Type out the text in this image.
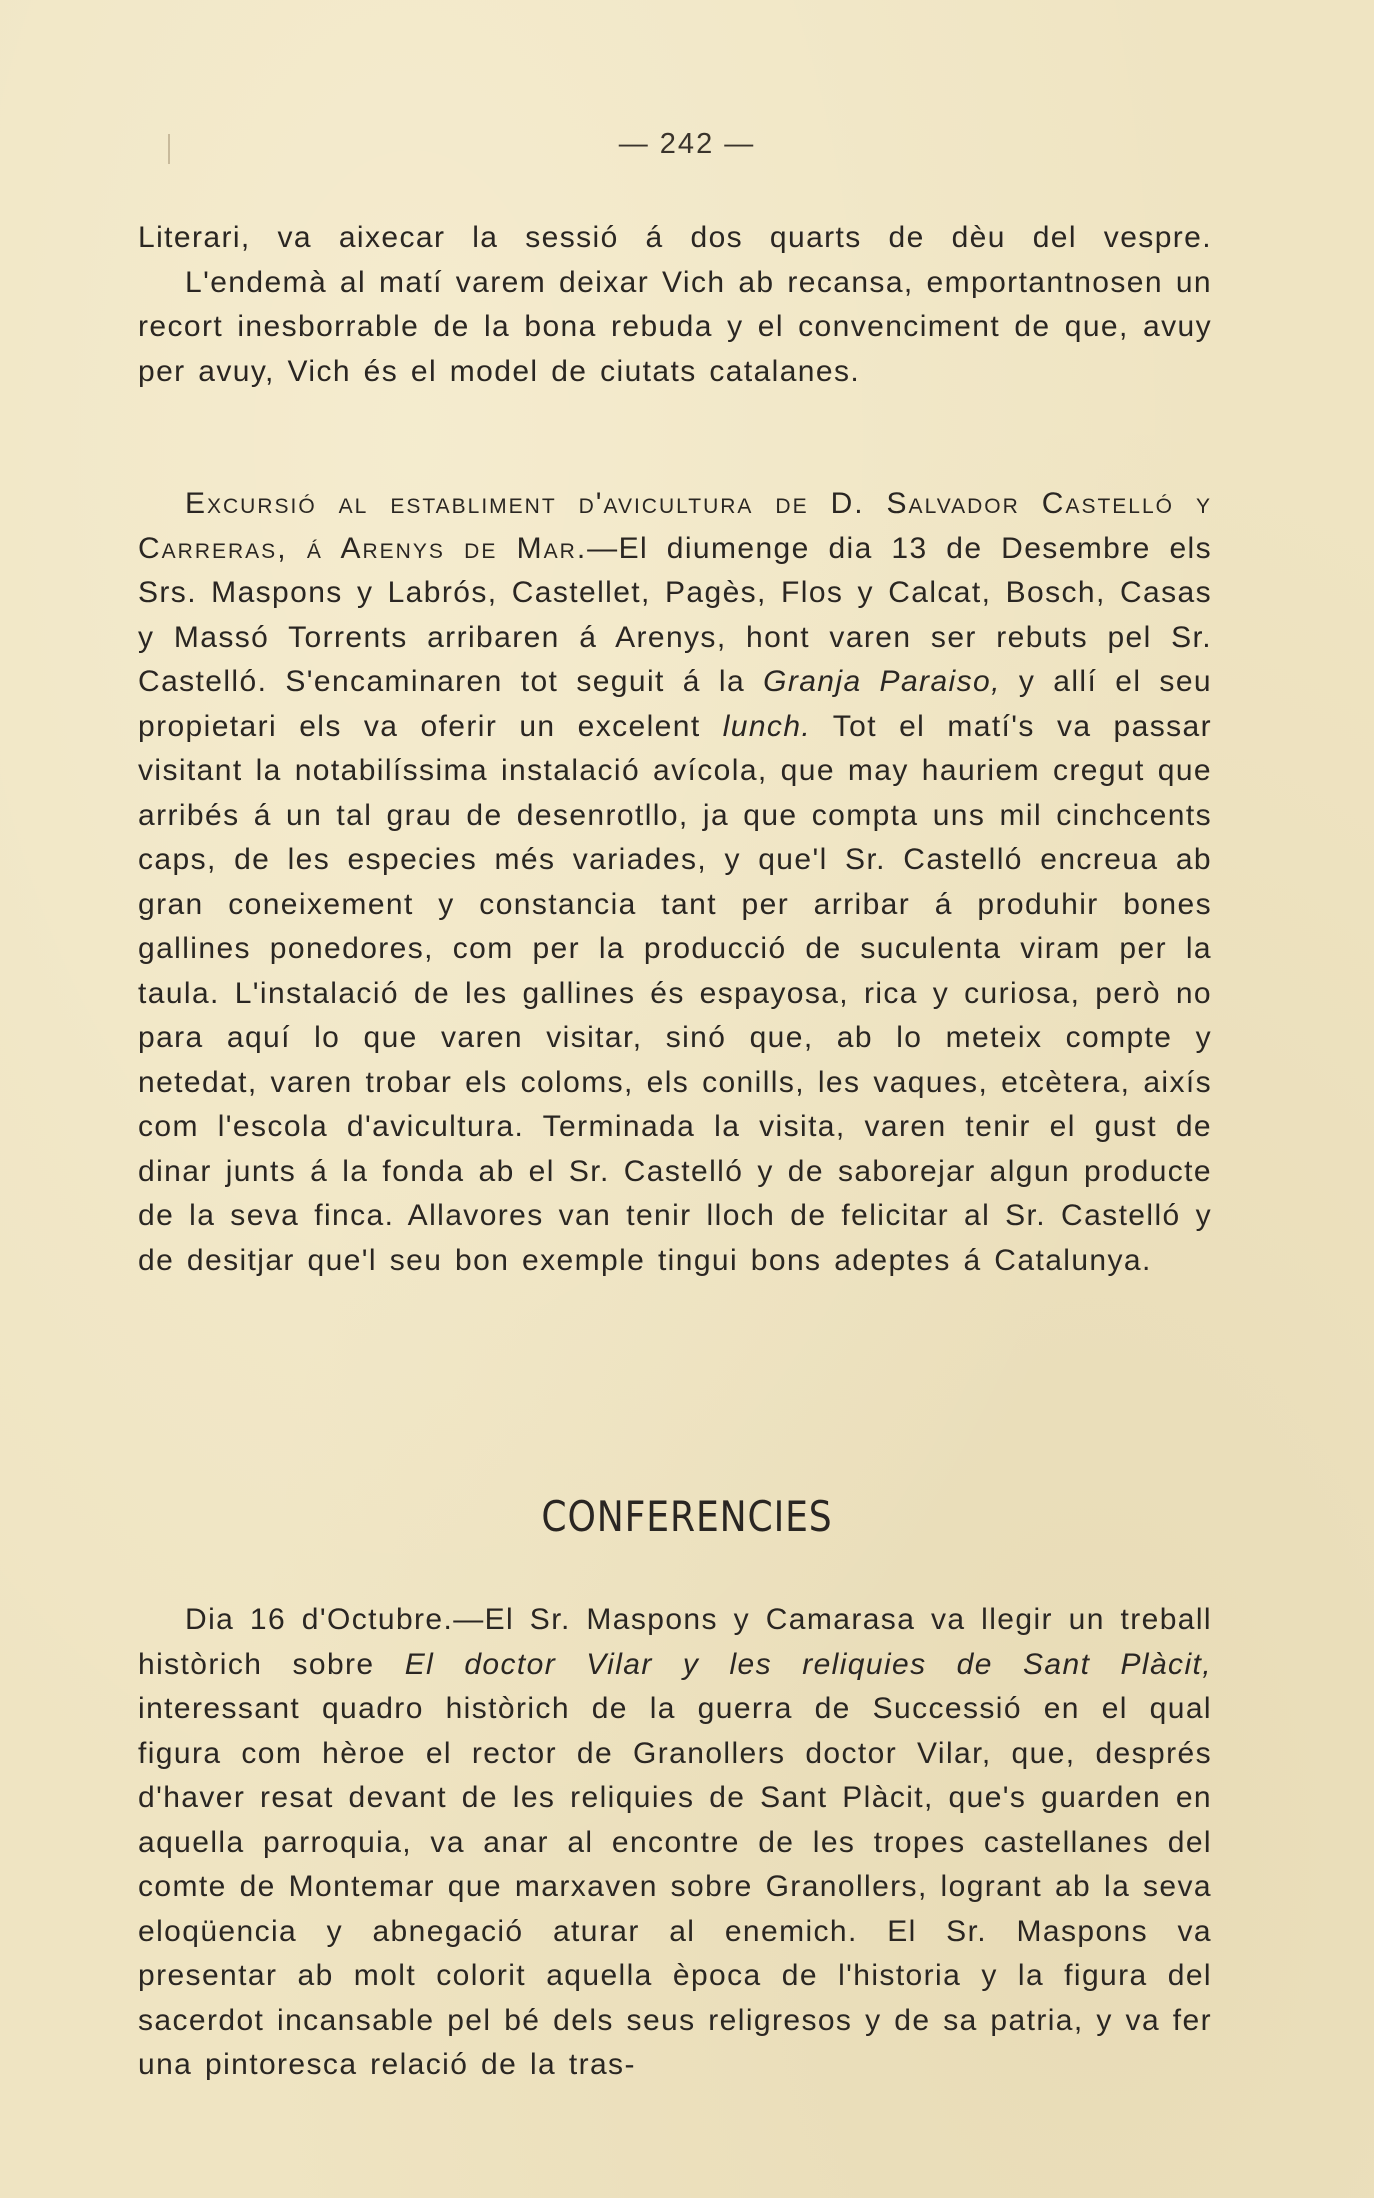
— 242 —

Literari, va aixecar la sessió á dos quarts de dèu del vespre.

L'endemà al matí varem deixar Vich ab recansa, emportantnosen un recort inesborrable de la bona rebuda y el convenciment de que, avuy per avuy, Vich és el model de ciutats catalanes.

Excursió al establiment d'avicultura de D. Salvador Castelló y Carreras, á Arenys de Mar.—El diumenge dia 13 de Desembre els Srs. Maspons y Labrós, Castellet, Pagès, Flos y Calcat, Bosch, Casas y Massó Torrents arribaren á Arenys, hont varen ser rebuts pel Sr. Castelló. S'encaminaren tot seguit á la Granja Paraiso, y allí el seu propietari els va oferir un excelent lunch. Tot el matí's va passar visitant la notabilíssima instalació avícola, que may hauriem cregut que arribés á un tal grau de desenrotllo, ja que compta uns mil cinchcents caps, de les especies més variades, y que'l Sr. Castelló encreua ab gran coneixement y constancia tant per arribar á produhir bones gallines ponedores, com per la producció de suculenta viram per la taula. L'instalació de les gallines és espayosa, rica y curiosa, però no para aquí lo que varen visitar, sinó que, ab lo meteix compte y netedat, varen trobar els coloms, els conills, les vaques, etcètera, aixís com l'escola d'avicultura. Terminada la visita, varen tenir el gust de dinar junts á la fonda ab el Sr. Castelló y de saborejar algun producte de la seva finca. Allavores van tenir lloch de felicitar al Sr. Castelló y de desitjar que'l seu bon exemple tingui bons adeptes á Catalunya.

CONFERENCIES

Dia 16 d'Octubre.—El Sr. Maspons y Camarasa va llegir un treball històrich sobre El doctor Vilar y les reliquies de Sant Plàcit, interessant quadro històrich de la guerra de Successió en el qual figura com hèroe el rector de Granollers doctor Vilar, que, després d'haver resat devant de les reliquies de Sant Plàcit, que's guarden en aquella parroquia, va anar al encontre de les tropes castellanes del comte de Montemar que marxaven sobre Granollers, logrant ab la seva eloqüencia y abnegació aturar al enemich. El Sr. Maspons va presentar ab molt colorit aquella època de l'historia y la figura del sacerdot incansable pel bé dels seus religresos y de sa patria, y va fer una pintoresca relació de la tras-
